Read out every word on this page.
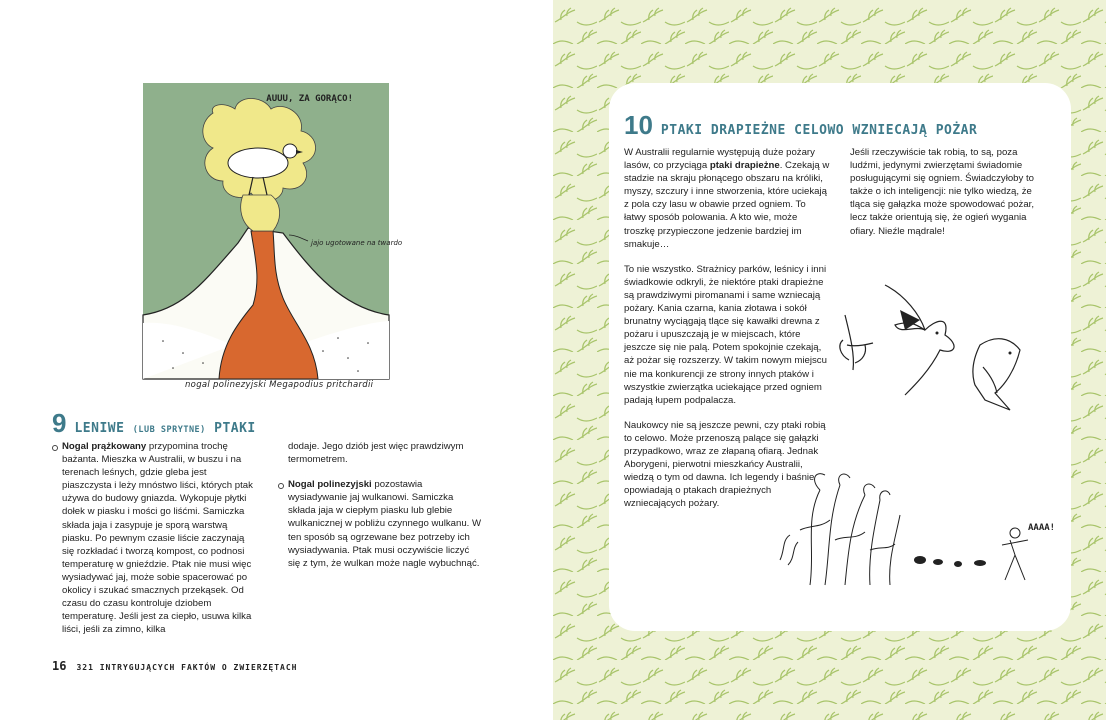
AUUU, ZA GORĄCO!
jajo ugotowane na twardo
nogal polinezyjski Megapodius pritchardii
9 LENIWE (LUB SPRYTNE) PTAKI

Nogal prążkowany przypomina trochę bażanta. Mieszka w Australii, w buszu i na terenach leśnych, gdzie gleba jest piaszczysta i leży mnóstwo liści, których ptak używa do budowy gniazda. Wykopuje płytki dołek w piasku i mości go liśćmi. Samiczka składa jaja i zasypuje je sporą warstwą piasku. Po pewnym czasie liście zaczynają się rozkładać i tworzą kompost, co podnosi temperaturę w gnieździe. Ptak nie musi więc wysiadywać jaj, może sobie spacerować po okolicy i szukać smacznych przekąsek. Od czasu do czasu kontroluje dziobem temperaturę. Jeśli jest za ciepło, usuwa kilka liści, jeśli za zimno, kilka

dodaje. Jego dziób jest więc prawdziwym termometrem.

Nogal polinezyjski pozostawia wysiadywanie jaj wulkanowi. Samiczka składa jaja w ciepłym piasku lub glebie wulkanicznej w pobliżu czynnego wulkanu. W ten sposób są ogrzewane bez potrzeby ich wysiadywania. Ptak musi oczywiście liczyć się z tym, że wulkan może nagle wybuchnąć.

16 321 INTRYGUJĄCYCH FAKTÓW O ZWIERZĘTACH
10 PTAKI DRAPIEŻNE CELOWO WZNIECAJĄ POŻAR

W Australii regularnie występują duże pożary lasów, co przyciąga ptaki drapieżne. Czekają w stadzie na skraju płonącego obszaru na króliki, myszy, szczury i inne stworzenia, które uciekają z pola czy lasu w obawie przed ogniem. To łatwy sposób polowania. A kto wie, może troszkę przypieczone jedzenie bardziej im smakuje…

To nie wszystko. Strażnicy parków, leśnicy i inni świadkowie odkryli, że niektóre ptaki drapieżne są prawdziwymi piromanami i same wzniecają pożary. Kania czarna, kania złotawa i sokół brunatny wyciągają tlące się kawałki drewna z pożaru i upuszczają je w miejscach, które jeszcze się nie palą. Potem spokojnie czekają, aż pożar się rozszerzy. W takim nowym miejscu nie ma konkurencji ze strony innych ptaków i wszystkie zwierzątka uciekające przed ogniem padają łupem podpalacza.

Naukowcy nie są jeszcze pewni, czy ptaki robią to celowo. Może przenoszą palące się gałązki przypadkowo, wraz ze złapaną ofiarą. Jednak Aborygeni, pierwotni mieszkańcy Australii, wiedzą o tym od dawna. Ich legendy i baśnie opowiadają o ptakach drapieżnych wzniecających pożary.

Jeśli rzeczywiście tak robią, to są, poza ludźmi, jedynymi zwierzętami świadomie posługującymi się ogniem. Świadczyłoby to także o ich inteligencji: nie tylko wiedzą, że tląca się gałązka może spowodować pożar, lecz także orientują się, że ogień wygania ofiary. Nieźle mądrale!

AAAA!
